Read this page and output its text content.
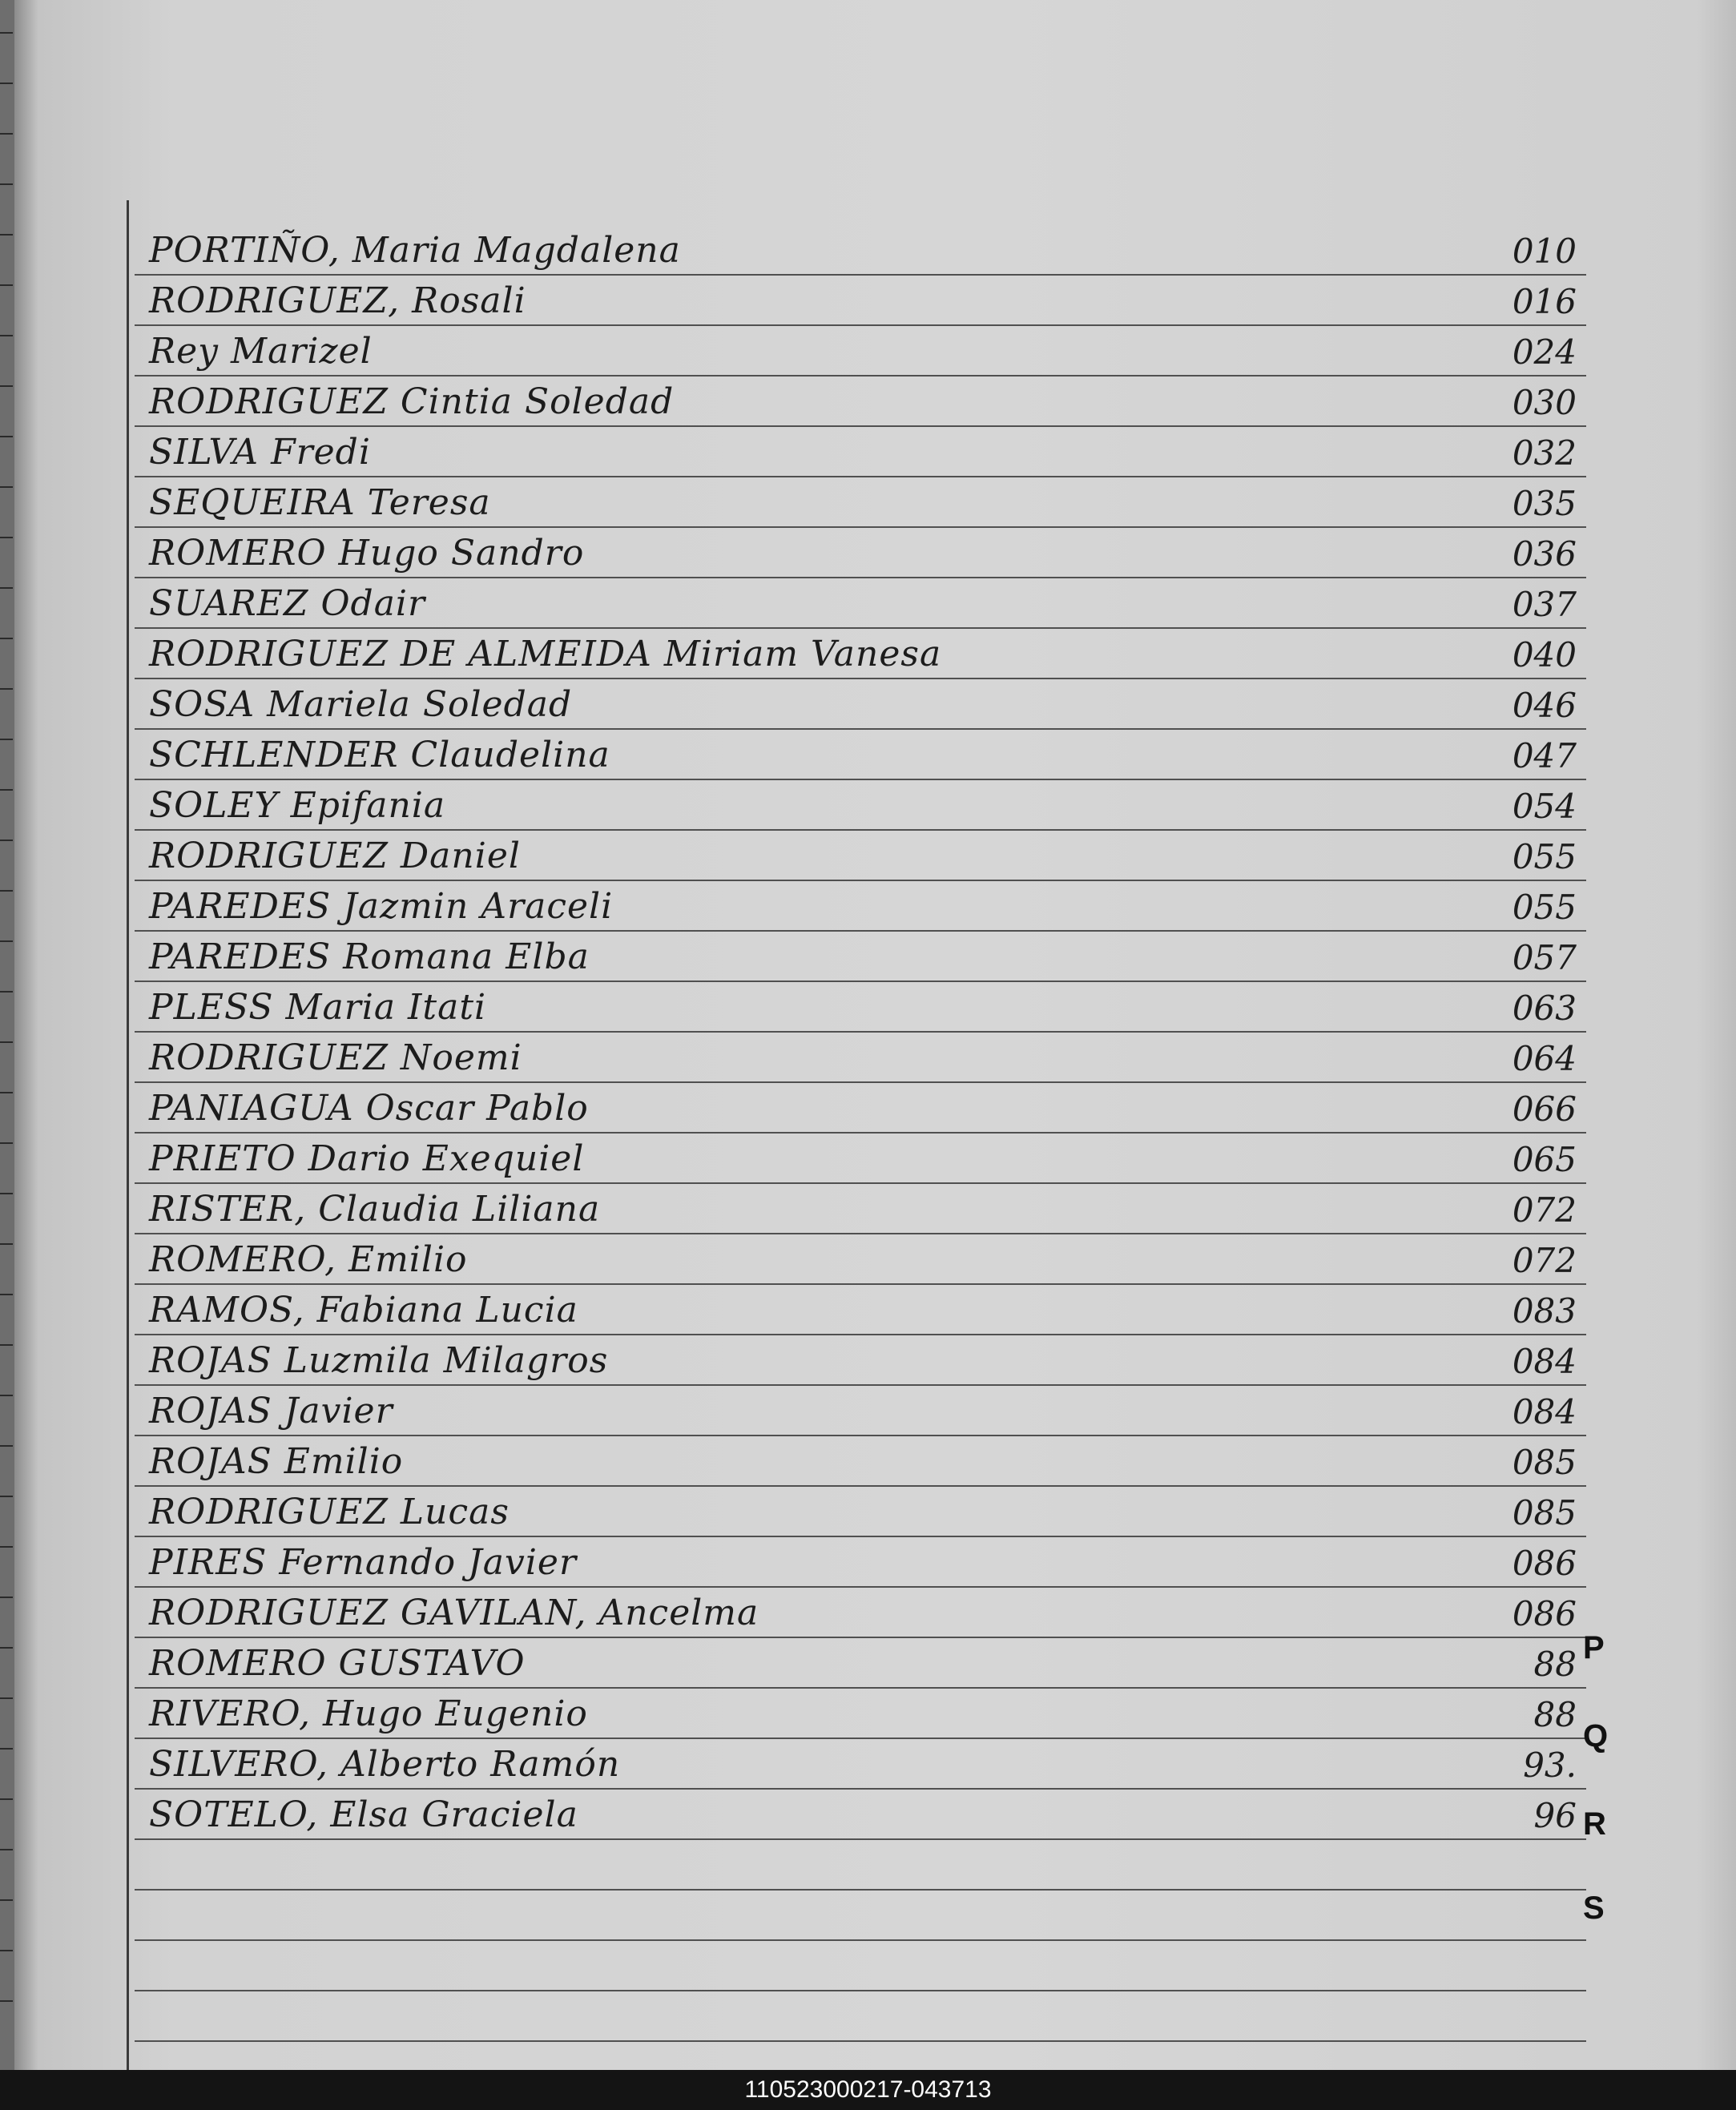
PORTIÑO, Maria Magdalena	010
RODRIGUEZ, Rosali	016
Rey Marizel	024
RODRIGUEZ Cintia Soledad	030
SILVA Fredi	032
SEQUEIRA Teresa	035
ROMERO Hugo Sandro	036
SUAREZ Odair	037
RODRIGUEZ DE ALMEIDA Miriam Vanesa	040
SOSA Mariela Soledad	046
SCHLENDER Claudelina	047
SOLEY Epifania	054
RODRIGUEZ Daniel	055
PAREDES Jazmin Araceli	055
PAREDES Romana Elba	057
PLESS Maria Itati	063
RODRIGUEZ Noemi	064
PANIAGUA Oscar Pablo	066
PRIETO Dario Exequiel	065
RISTER, Claudia Liliana	072
ROMERO, Emilio	072
RAMOS, Fabiana Lucia	083
ROJAS Luzmila Milagros	084
ROJAS Javier	084
ROJAS Emilio	085
RODRIGUEZ Lucas	085
PIRES Fernando Javier	086
RODRIGUEZ GAVILAN, Ancelma	086
ROMERO GUSTAVO	88
RIVERO, Hugo Eugenio	88
SILVERO, Alberto Ramón	93.
SOTELO, Elsa Graciela	96
P
Q
R
S
110523000217-043713
